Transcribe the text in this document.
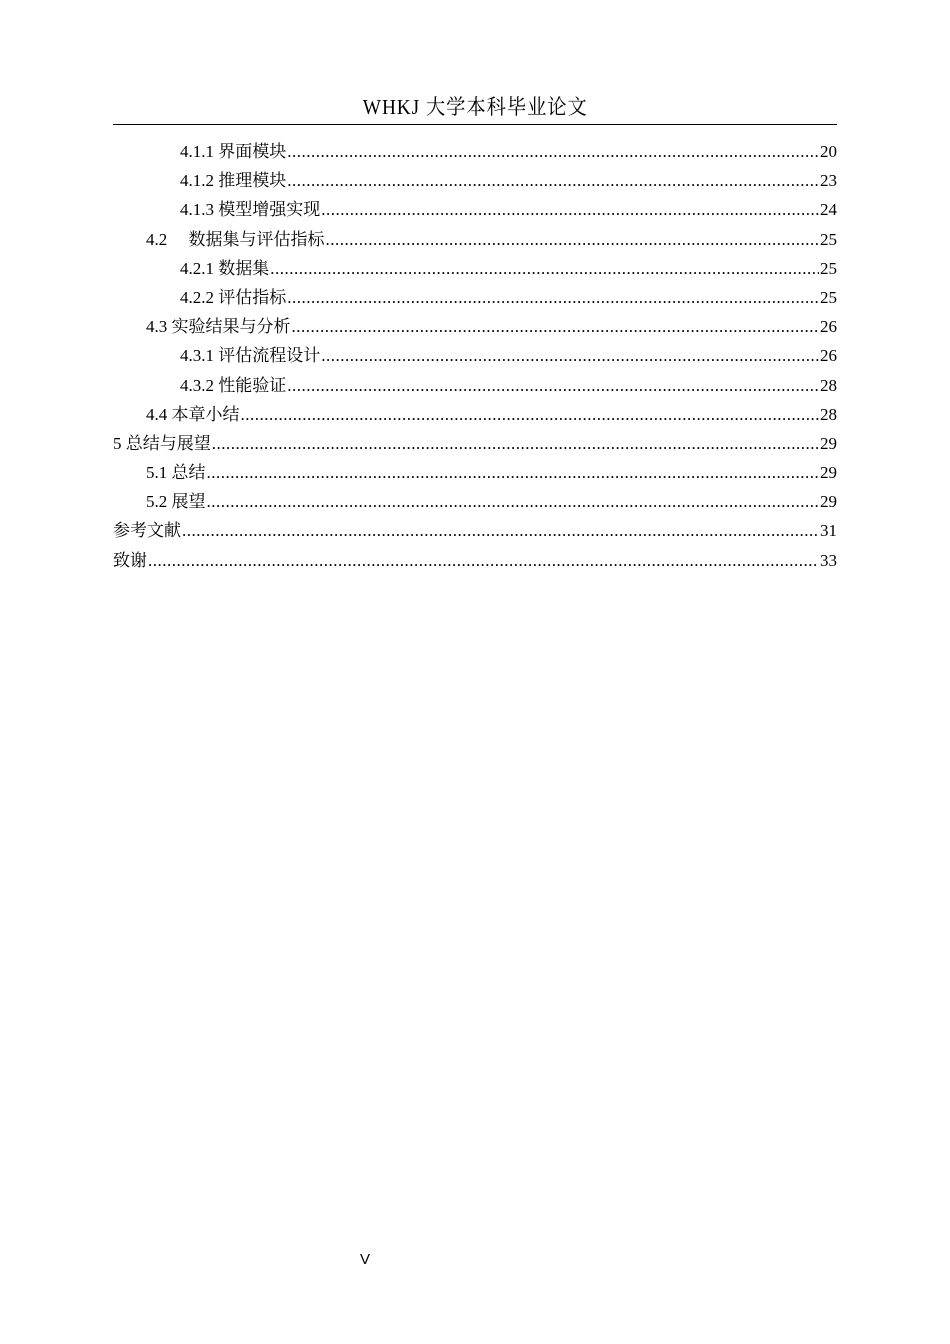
WHKJ 大学本科毕业论文
4.1.1 界面模块 .....	20
4.1.2 推理模块 .....	23
4.1.3 模型增强实现 .....	24
4.2 　数据集与评估指标 .....	25
4.2.1 数据集 .....	25
4.2.2 评估指标 .....	25
4.3 实验结果与分析 .....	26
4.3.1 评估流程设计 .....	26
4.3.2 性能验证 .....	28
4.4 本章小结 .....	28
5 总结与展望 .....	29
5.1 总结 .....	29
5.2 展望 .....	29
参考文献 .....	31
致谢 .....	33
V
